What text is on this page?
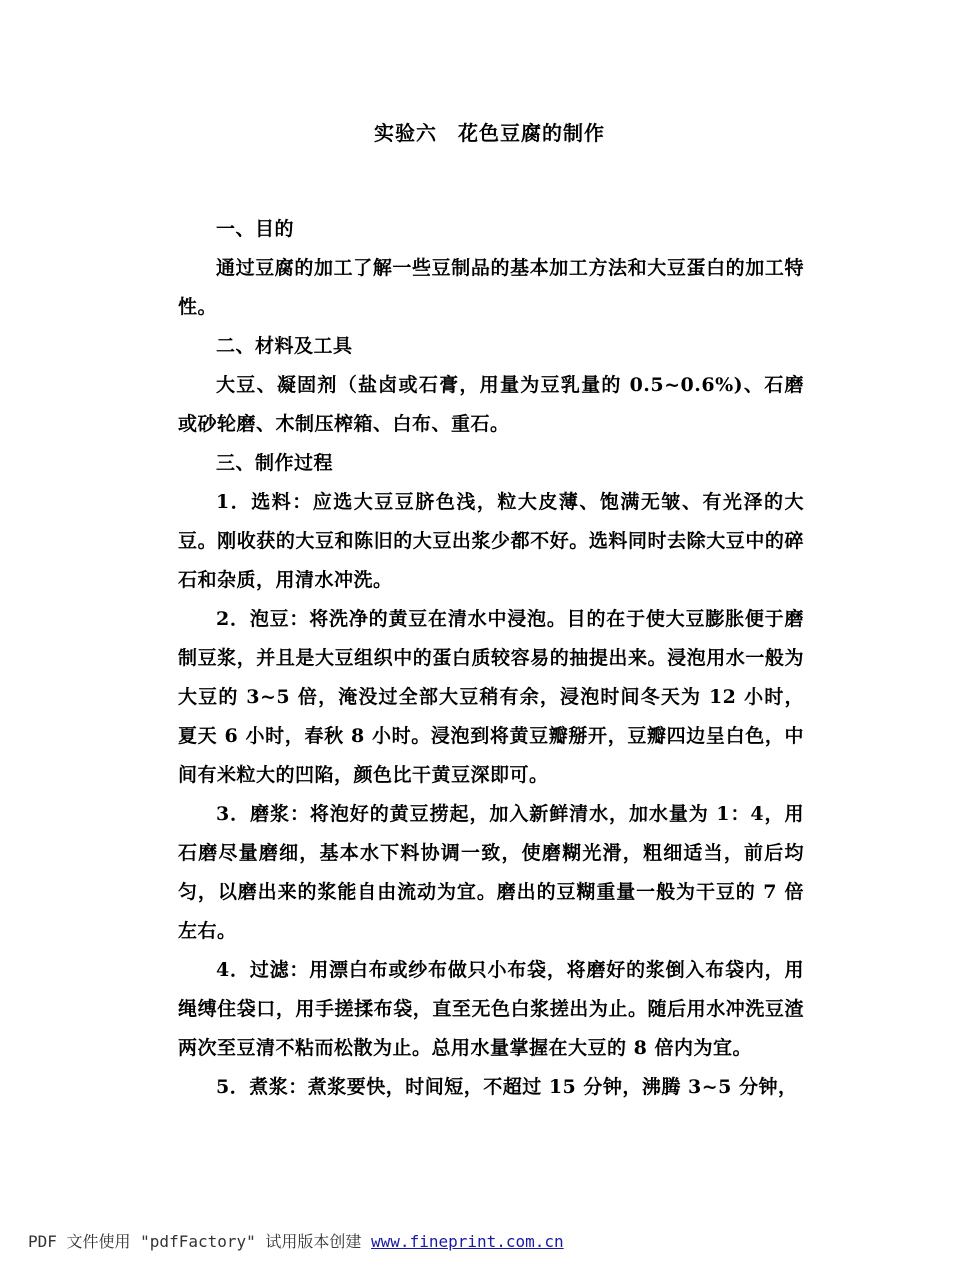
实验六　花色豆腐的制作

一、目的

通过豆腐的加工了解一些豆制品的基本加工方法和大豆蛋白的加工特性。

二、材料及工具

大豆、凝固剂（盐卤或石膏，用量为豆乳量的 0.5~0.6%)、石磨或砂轮磨、木制压榨箱、白布、重石。

三、制作过程

1．选料：应选大豆豆脐色浅，粒大皮薄、饱满无皱、有光泽的大豆。刚收获的大豆和陈旧的大豆出浆少都不好。选料同时去除大豆中的碎石和杂质，用清水冲洗。

2．泡豆：将洗净的黄豆在清水中浸泡。目的在于使大豆膨胀便于磨制豆浆，并且是大豆组织中的蛋白质较容易的抽提出来。浸泡用水一般为大豆的 3~5 倍，淹没过全部大豆稍有余，浸泡时间冬天为 12 小时，夏天 6 小时，春秋 8 小时。浸泡到将黄豆瓣掰开，豆瓣四边呈白色，中间有米粒大的凹陷，颜色比干黄豆深即可。

3．磨浆：将泡好的黄豆捞起，加入新鲜清水，加水量为 1：4，用石磨尽量磨细，基本水下料协调一致，使磨糊光滑，粗细适当，前后均匀，以磨出来的浆能自由流动为宜。磨出的豆糊重量一般为干豆的 7 倍左右。

4．过滤：用漂白布或纱布做只小布袋，将磨好的浆倒入布袋内，用绳缚住袋口，用手搓揉布袋，直至无色白浆搓出为止。随后用水冲洗豆渣两次至豆清不粘而松散为止。总用水量掌握在大豆的 8 倍内为宜。

5．煮浆：煮浆要快，时间短，不超过 15 分钟，沸腾 3~5 分钟，

PDF 文件使用 "pdfFactory" 试用版本创建 www.fineprint.com.cn
